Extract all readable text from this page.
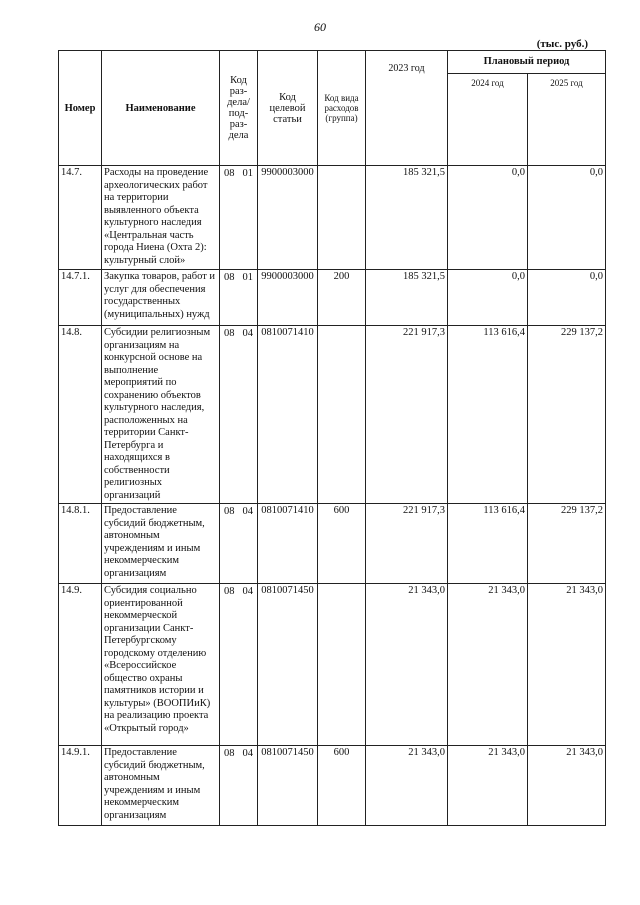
60
(тыс. руб.)
Номер	Наименование	Код раз-дела/под-раз-дела	Код целевой статьи	Код вида расходов (группа)	2023 год	Плановый период	
						2024 год	2025 год
14.7.	Расходы на проведение археологических работ на территории выявленного объекта культурного наследия «Центральная часть города Ниена (Охта 2): культурный слой»	08 01	9900003000		185 321,5	0,0	0,0
14.7.1.	Закупка товаров, работ и услуг для обеспечения государственных (муниципальных) нужд	08 01	9900003000	200	185 321,5	0,0	0,0
14.8.	Субсидии религиозным организациям на конкурсной основе на выполнение мероприятий по сохранению объектов культурного наследия, расположенных на территории Санкт-Петербурга и находящихся в собственности религиозных организаций	08 04	0810071410		221 917,3	113 616,4	229 137,2
14.8.1.	Предоставление субсидий бюджетным, автономным учреждениям и иным некоммерческим организациям	08 04	0810071410	600	221 917,3	113 616,4	229 137,2
14.9.	Субсидия социально ориентированной некоммерческой организации Санкт-Петербургскому городскому отделению «Всероссийское общество охраны памятников истории и культуры» (ВООПИиК) на реализацию проекта «Открытый город»	08 04	0810071450		21 343,0	21 343,0	21 343,0
14.9.1.	Предоставление субсидий бюджетным, автономным учреждениям и иным некоммерческим организациям	08 04	0810071450	600	21 343,0	21 343,0	21 343,0
